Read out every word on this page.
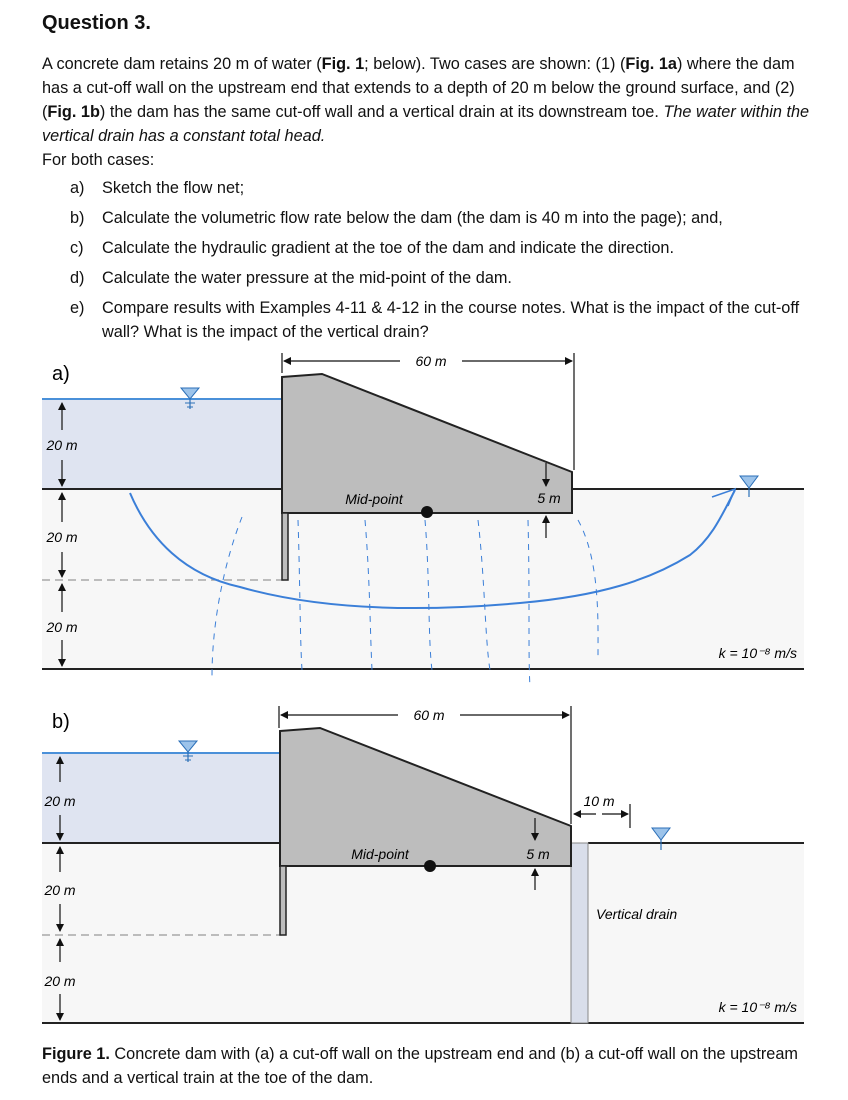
Question 3.
A concrete dam retains 20 m of water (Fig. 1; below). Two cases are shown: (1) (Fig. 1a) where the dam has a cut-off wall on the upstream end that extends to a depth of 20 m below the ground surface, and (2) (Fig. 1b) the dam has the same cut-off wall and a vertical drain at its downstream toe. The water within the vertical drain has a constant total head.
For both cases:
a) Sketch the flow net;
b) Calculate the volumetric flow rate below the dam (the dam is 40 m into the page); and,
c) Calculate the hydraulic gradient at the toe of the dam and indicate the direction.
d) Calculate the water pressure at the mid-point of the dam.
e) Compare results with Examples 4-11 & 4-12 in the course notes. What is the impact of the cut-off wall? What is the impact of the vertical drain?
Mid-point	5 m
60 m
a)
20 m
20 m
20 m
k = 10⁻⁸ m/s
Mid-point	5 m
60 m
b)
20 m
20 m
20 m
10 m
Vertical drain
k = 10⁻⁸ m/s
Figure 1. Concrete dam with (a) a cut-off wall on the upstream end and (b) a cut-off wall on the upstream ends and a vertical train at the toe of the dam.
